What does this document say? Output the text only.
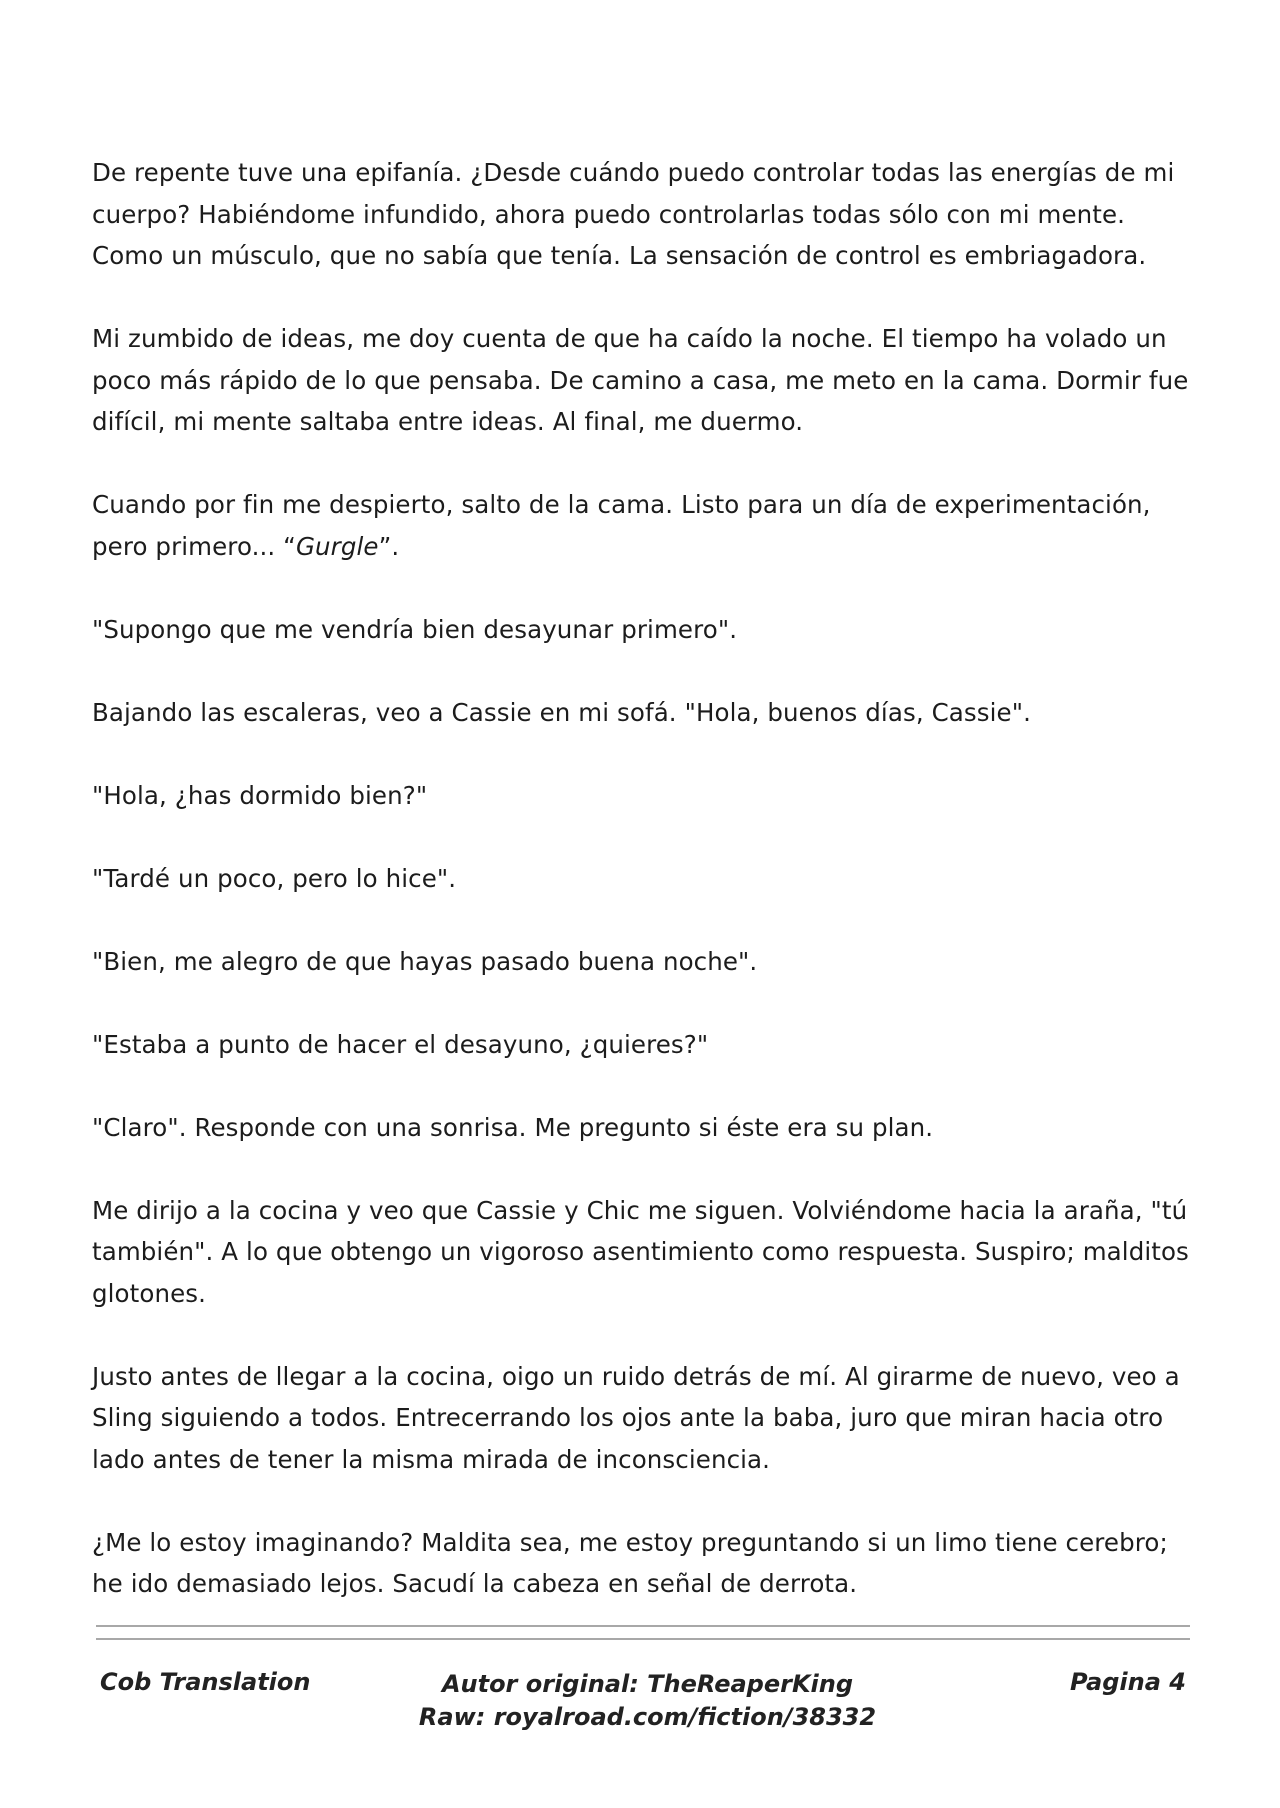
De repente tuve una epifanía. ¿Desde cuándo puedo controlar todas las energías de mi cuerpo? Habiéndome infundido, ahora puedo controlarlas todas sólo con mi mente. Como un músculo, que no sabía que tenía. La sensación de control es embriagadora.

Mi zumbido de ideas, me doy cuenta de que ha caído la noche. El tiempo ha volado un poco más rápido de lo que pensaba. De camino a casa, me meto en la cama. Dormir fue difícil, mi mente saltaba entre ideas. Al final, me duermo.

Cuando por fin me despierto, salto de la cama. Listo para un día de experimentación, pero primero... “Gurgle”.

"Supongo que me vendría bien desayunar primero".

Bajando las escaleras, veo a Cassie en mi sofá. "Hola, buenos días, Cassie".

"Hola, ¿has dormido bien?"

"Tardé un poco, pero lo hice".

"Bien, me alegro de que hayas pasado buena noche".

"Estaba a punto de hacer el desayuno, ¿quieres?"

"Claro". Responde con una sonrisa. Me pregunto si éste era su plan.

Me dirijo a la cocina y veo que Cassie y Chic me siguen. Volviéndome hacia la araña, "tú también". A lo que obtengo un vigoroso asentimiento como respuesta. Suspiro; malditos glotones.

Justo antes de llegar a la cocina, oigo un ruido detrás de mí. Al girarme de nuevo, veo a Sling siguiendo a todos. Entrecerrando los ojos ante la baba, juro que miran hacia otro lado antes de tener la misma mirada de inconsciencia.

¿Me lo estoy imaginando? Maldita sea, me estoy preguntando si un limo tiene cerebro; he ido demasiado lejos. Sacudí la cabeza en señal de derrota.

Cob Translation	Autor original: TheReaperKing
Raw: royalroad.com/fiction/38332
Pagina 4
